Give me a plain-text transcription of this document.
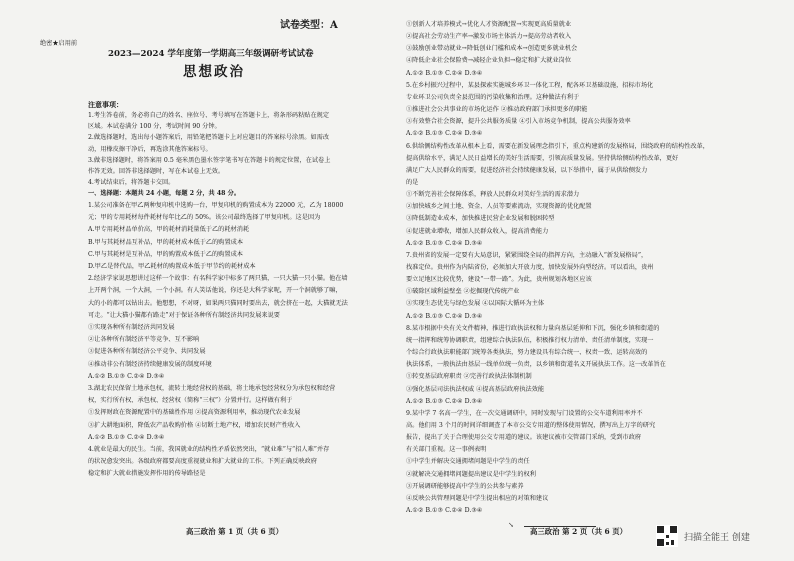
试卷类型：A
绝密★启用前
2023—2024 学年度第一学期高三年级调研考试试卷
思想政治
注意事项：
1.考生答卷前，务必将自己的姓名、座位号、考号填写在答题卡上，将条形码粘贴在规定
区域。本试卷满分 100 分，考试时间 90 分钟。
2.做选择题时，选出每小题答案后，用铅笔把答题卡上对应题目的答案标号涂黑。如需改
动，用橡皮擦干净后，再选涂其他答案标号。
3.做非选择题时，将答案用 0.5 毫米黑色墨水签字笔书写在答题卡的规定位置，在试卷上
作答无效。回答非选择题时，写在本试卷上无效。
4.考试结束后，将答题卡交回。
一、选择题：本题共 24 小题，每题 2 分，共 48 分。
1.某公司准备在甲乙两种复印机中选购一台，甲复印机的购置成本为 22000 元，乙为 18000
元；甲的专用耗材每件耗材每年比乙的 50%。该公司最终选择了甲复印机。这是因为
A.甲专用耗材品单价高，甲的耗材消耗量低于乙的耗材消耗
B.甲与其耗材品互补品，甲的耗材成本低于乙的购置成本
C.甲与其耗材是互补品，甲的购置成本低于乙的购置成本
D.甲乙是替代品，甲乙耗材的购置成本低于甲节约的耗材成本
2.经济学家说思想讲过这样一个故事：有名科学家中标多了两只猫，一只大猫一只小猫。他在墙
上开两个洞，一个大洞，一个小洞。有人笑话他说，你还是大科学家呢，开一个洞就够了嘛，
大的小的都可以钻出去。他想想，不对呀，如果两只猫同时要出去，就会挤在一起，大猫就无法
可走。“让大猫小猫都有路走”对于保证各种所有制经济共同发展来说要
①实现各种所有制经济共同发展
②让各种所有制经济平等竞争、互不影响
③促进各种所有制经济公平竞争、共同发展
④推动非公有制经济持续健康发展的制度环境
A.①② B.①③ C.②④ D.③④
3.湖北农民保留土地承包权，流转土地经营权的基础，将土地承包经营权分为承包权和经营
权，实行所有权、承包权、经营权（简称“三权”）分置并行。这样做有利于
①发挥财政在资源配置中的基础性作用 ②提高资源利用率，推动现代农业发展
③扩大耕地面积，降低农产品收购价格 ④切断土地产权，增加农民财产性收入
A.①② B.①③ C.②④ D.③④
4.就业是最大的民生。当前，我国就业的结构性矛盾依然突出，“就业难”与“招人难”并存
的状况愈发突出。各级政府都要高度重视就业和扩大就业的工作。下列正确反映政府
稳定和扩大就业措施发挥作用的传导路径是
①创新人才培养模式→优化人才资源配置→实现更高质量就业
②提高社会劳动生产率→激发市场主体活力→提高劳动者收入
③鼓励创业带动就业→降低创业门槛和成本→创造更多就业机会
④降低企业社会保险费→减轻企业负担→稳定和扩大就业岗位
A.①② B.①③ C.②④ D.③④
5.在乡村振兴过程中，某县探索实施城乡环卫一体化工程，配各环卫基础设施，招标市场化
专业环卫公司负责全县范围的污染收集和治理。这种做法有利于
①推进社会公共事业的市场化运作 ②推动政府部门承担更多的职能
③有效整合社会资源，提升公共服务质量 ④引入市场竞争机制，提高公共服务效率
A.①② B.①③ C.②④ D.③④
6.供给侧结构性改革从根本上看，需要在新发展理念指引下，重点构建新的发展格局，围绕政府的结构性改革，
提高供给水平，满足人民日益增长的美好生活需要，引领高质量发展。坚持供给侧结构性改革，更好
满足广大人民群众的需要，促进经济社会持续健康发展，以下举措中，属于从供给侧发力
的是
①不断完善社会保障体系，释放人民群众对美好生活的需求潜力
②加快城乡之间土地、资金、人员等要素流动，实现资源的优化配置
③降低制造业成本，加快推进民营企业发展和脱困转型
④促进就业增收，增加人民群众收入，提高消费能力
A.①② B.①③ C.②④ D.③④
7.贵州省的发展一定要有大局意识，紧紧围绕全局的指挥方向，主动融入“新发展格局”，
找准定位。贵州作为内陆省份，必须加大开放力度，加快发展外向型经济。可以看出，贵州
要立足地区比较优势，建设“一带一路”。为此，贵州规划各地区应该
①破除区域利益壁垒 ②挖掘现代传统产业
③实现生态优先与绿色发展 ④以国际大循环为主体
A.①② B.①③ C.②④ D.③④
8.某市根据中央有关文件精神，推进行政执法权和力量向基层延伸和下沉，强化乡镇和街道的
统一指挥和统筹协调职责，组建综合执法队伍，积极推行权力清单、责任清单制度，实现一
个综合行政执法职能部门统筹各类执法，努力建设具有综合统一、权责一致、运转高效的
执法体系，一般执法由基层一线单位统一负责，以乡镇和街道名义开展执法工作。这一改革旨在
①转变基层政府职责 ②完善行政执法体制机制
③强化基层司法执法权威 ④提高基层政府执法效能
A.①② B.①③ C.②④ D.③④
9.某中学 7 名高一学生，在一次交通调研中，同时发现与门设置的公交车道利用率并不
高。他们用 3 个月的时间详细调查了本市公交专用道的整体使用情况，撰写出上万字的研究
报告，提出了关于合理使用公交专用道的建议。该建议被市交管部门采纳，受到市政府
有关部门重视。这一事例表明
①中学生并解决交通拥堵问题是中学生的责任
②就解决交通拥堵问题提出建议是中学生的权利
③开展调研能够提高中学生的公共参与素养
④反映公共管理问题是中学生提出相应的对策和建议
A.①② B.①③ C.②④ D.③④
高三政治 第 1 页（共 6 页）
↘
高三政治 第 2 页（共 6 页）
扫描全能王 创建
